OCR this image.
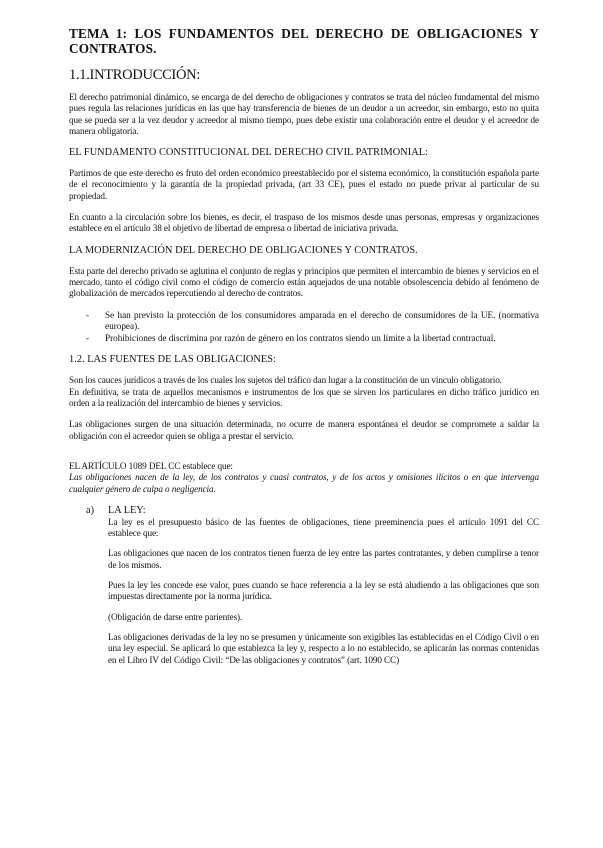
TEMA 1: LOS FUNDAMENTOS DEL DERECHO DE OBLIGACIONES Y CONTRATOS.
1.1.INTRODUCCIÓN:

El derecho patrimonial dinámico, se encarga de del derecho de obligaciones y contratos se trata del núcleo fundamental del mismo pues regula las relaciones jurídicas en las que hay transferencia de bienes de un deudor a un acreedor, sin embargo, esto no quita que se pueda ser a la vez deudor y acreedor al mismo tiempo, pues debe existir una colaboración entre el deudor y el acreedor de manera obligatoria.

EL FUNDAMENTO CONSTITUCIONAL DEL DERECHO CIVIL PATRIMONIAL:

Partimos de que este derecho es fruto del orden económico preestablecido por el sistema económico, la constitución española parte de el reconocimiento y la garantía de la propiedad privada, (art 33 CE), pues el estado no puede privar al particular de su propiedad.

En cuanto a la circulación sobre los bienes, es decir, el traspaso de los mismos desde unas personas, empresas y organizaciones establece en el artículo 38 el objetivo de libertad de empresa o libertad de iniciativa privada.

LA MODERNIZACIÓN DEL DERECHO DE OBLIGACIONES Y CONTRATOS.

Esta parte del derecho privado se aglutina el conjunto de reglas y principios que permiten el intercambio de bienes y servicios en el mercado, tanto el código civil como el código de comercio están aquejados de una notable obsolescencia debido al fenómeno de globalización de mercados repercutiendo al derecho de contratos.

- Se han previsto la protección de los consumidores amparada en el derecho de consumidores de la UE. (normativa europea).
- Prohibiciones de discrimina por razón de género en los contratos siendo un límite a la libertad contractual.
1.2. LAS FUENTES DE LAS OBLIGACIONES:

Son los cauces jurídicos a través de los cuales los sujetos del tráfico dan lugar a la constitución de un vínculo obligatorio.

En definitiva, se trata de aquellos mecanismos e instrumentos de los que se sirven los particulares en dicho tráfico jurídico en orden a la realización del intercambio de bienes y servicios.

Las obligaciones surgen de una situación determinada, no ocurre de manera espontánea el deudor se compromete a saldar la obligación con el acreedor quien se obliga a prestar el servicio.

EL ARTÍCULO 1089 DEL CC establece que:

Las obligaciones nacen de la ley, de los contratos y cuasi contratos, y de los actos y omisiones ilícitos o en que intervenga cualquier género de culpa o negligencia.

a) LA LEY:

La ley es el presupuesto básico de las fuentes de obligaciones, tiene preeminencia pues el artículo 1091 del CC establece que:

Las obligaciones que nacen de los contratos tienen fuerza de ley entre las partes contratantes, y deben cumplirse a tenor de los mismos.

Pues la ley les concede ese valor, pues cuando se hace referencia a la ley se está aludiendo a las obligaciones que son impuestas directamente por la norma jurídica.

(Obligación de darse entre parientes).

Las obligaciones derivadas de la ley no se presumen y únicamente son exigibles las establecidas en el Código Civil o en una ley especial. Se aplicará lo que establezca la ley y, respecto a lo no establecido, se aplicarán las normas contenidas en el Libro IV del Código Civil: “De las obligaciones y contratos” (art. 1090 CC)
